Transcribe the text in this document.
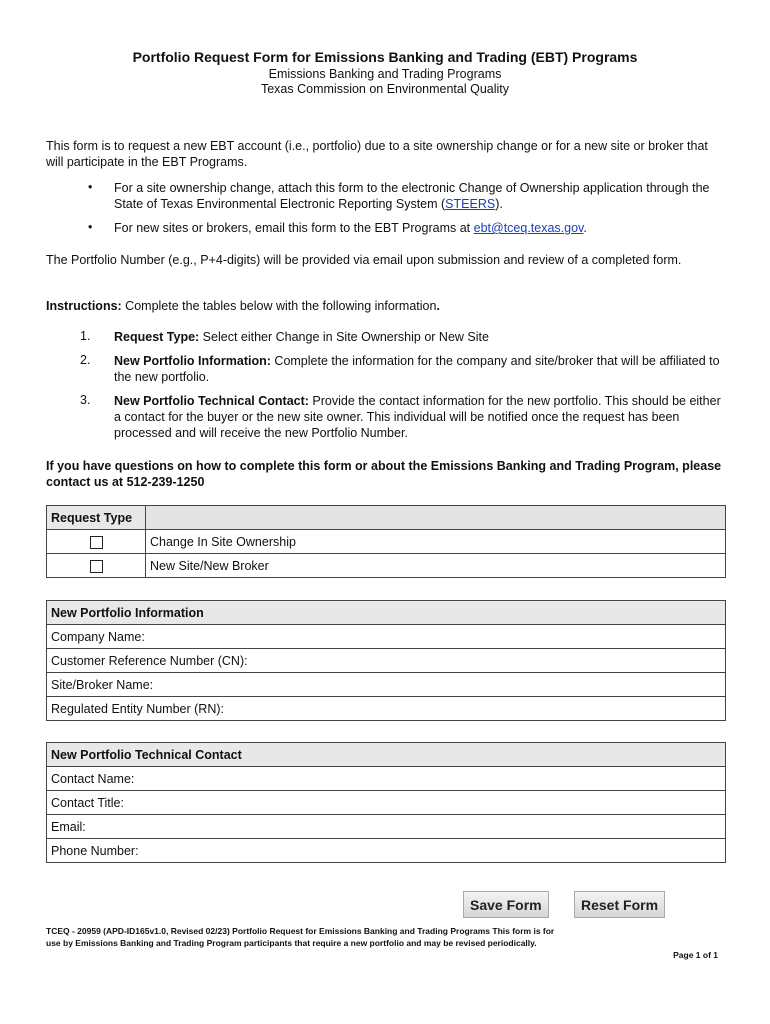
Portfolio Request Form for Emissions Banking and Trading (EBT) Programs
Emissions Banking and Trading Programs
Texas Commission on Environmental Quality
This form is to request a new EBT account (i.e., portfolio) due to a site ownership change or for a new site or broker that will participate in the EBT Programs.
• For a site ownership change, attach this form to the electronic Change of Ownership application through the State of Texas Environmental Electronic Reporting System (STEERS).
• For new sites or brokers, email this form to the EBT Programs at ebt@tceq.texas.gov.
The Portfolio Number (e.g., P+4-digits) will be provided via email upon submission and review of a completed form.
Instructions: Complete the tables below with the following information.
1. Request Type: Select either Change in Site Ownership or New Site
2. New Portfolio Information: Complete the information for the company and site/broker that will be affiliated to the new portfolio.
3. New Portfolio Technical Contact: Provide the contact information for the new portfolio. This should be either a contact for the buyer or the new site owner. This individual will be notified once the request has been processed and will receive the new Portfolio Number.
If you have questions on how to complete this form or about the Emissions Banking and Trading Program, please contact us at 512-239-1250
Request Type	
	Change In Site Ownership
	New Site/New Broker
New Portfolio Information
Company Name:
Customer Reference Number (CN):
Site/Broker Name:
Regulated Entity Number (RN):
New Portfolio Technical Contact
Contact Name:
Contact Title:
Email:
Phone Number:
Save Form	Reset Form
TCEQ - 20959 (APD-ID165v1.0, Revised 02/23) Portfolio Request for Emissions Banking and Trading Programs This form is for use by Emissions Banking and Trading Program participants that require a new portfolio and may be revised periodically.
Page 1 of 1
